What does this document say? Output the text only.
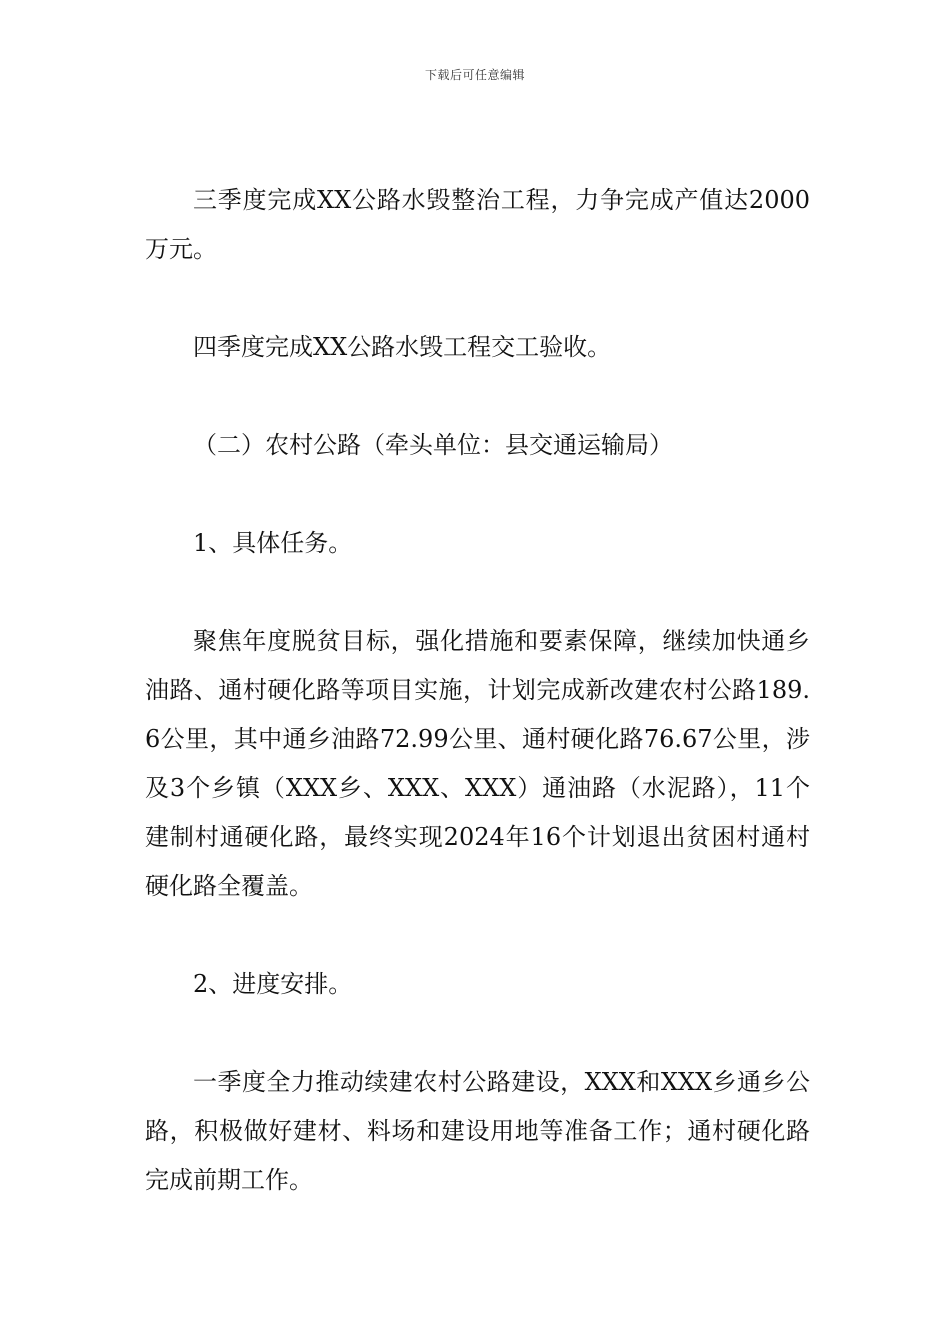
下载后可任意编辑

三季度完成XX公路水毁整治工程，力争完成产值达2000万元。

四季度完成XX公路水毁工程交工验收。

（二）农村公路（牵头单位：县交通运输局）

1、具体任务。

聚焦年度脱贫目标，强化措施和要素保障，继续加快通乡油路、通村硬化路等项目实施，计划完成新改建农村公路189.6公里，其中通乡油路72.99公里、通村硬化路76.67公里，涉及3个乡镇（XXX乡、XXX、XXX）通油路（水泥路），11个建制村通硬化路，最终实现2024年16个计划退出贫困村通村硬化路全覆盖。

2、进度安排。

一季度全力推动续建农村公路建设，XXX和XXX乡通乡公路，积极做好建材、料场和建设用地等准备工作；通村硬化路完成前期工作。
